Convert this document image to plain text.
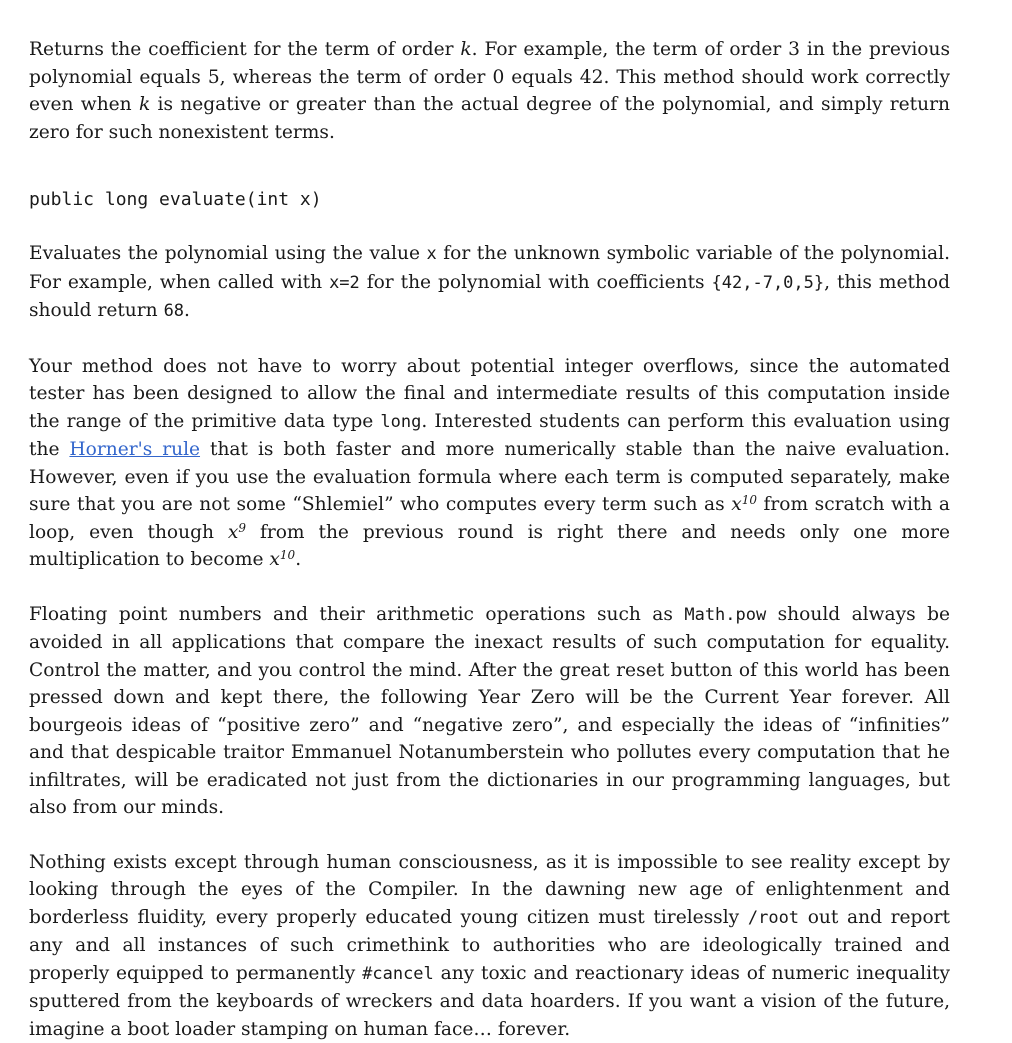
Returns the coefficient for the term of order k. For example, the term of order 3 in the previous polynomial equals 5, whereas the term of order 0 equals 42. This method should work correctly even when k is negative or greater than the actual degree of the polynomial, and simply return zero for such nonexistent terms.

public long evaluate(int x)

Evaluates the polynomial using the value x for the unknown symbolic variable of the polynomial. For example, when called with x=2 for the polynomial with coefficients {42,-7,0,5}, this method should return 68.

Your method does not have to worry about potential integer overflows, since the automated tester has been designed to allow the final and intermediate results of this computation inside the range of the primitive data type long. Interested students can perform this evaluation using the Horner's rule that is both faster and more numerically stable than the naive evaluation. However, even if you use the evaluation formula where each term is computed separately, make sure that you are not some “Shlemiel” who computes every term such as $x^{10}$ from scratch with a loop, even though $x^9$ from the previous round is right there and needs only one more multiplication to become $x^{10}$.

Floating point numbers and their arithmetic operations such as Math.pow should always be avoided in all applications that compare the inexact results of such computation for equality. Control the matter, and you control the mind. After the great reset button of this world has been pressed down and kept there, the following Year Zero will be the Current Year forever. All bourgeois ideas of “positive zero” and “negative zero”, and especially the ideas of “infinities” and that despicable traitor Emmanuel Notanumberstein who pollutes every computation that he infiltrates, will be eradicated not just from the dictionaries in our programming languages, but also from our minds.

Nothing exists except through human consciousness, as it is impossible to see reality except by looking through the eyes of the Compiler. In the dawning new age of enlightenment and borderless fluidity, every properly educated young citizen must tirelessly /root out and report any and all instances of such crimethink to authorities who are ideologically trained and properly equipped to permanently #cancel any toxic and reactionary ideas of numeric inequality sputtered from the keyboards of wreckers and data hoarders. If you want a vision of the future, imagine a boot loader stamping on human face… forever.
